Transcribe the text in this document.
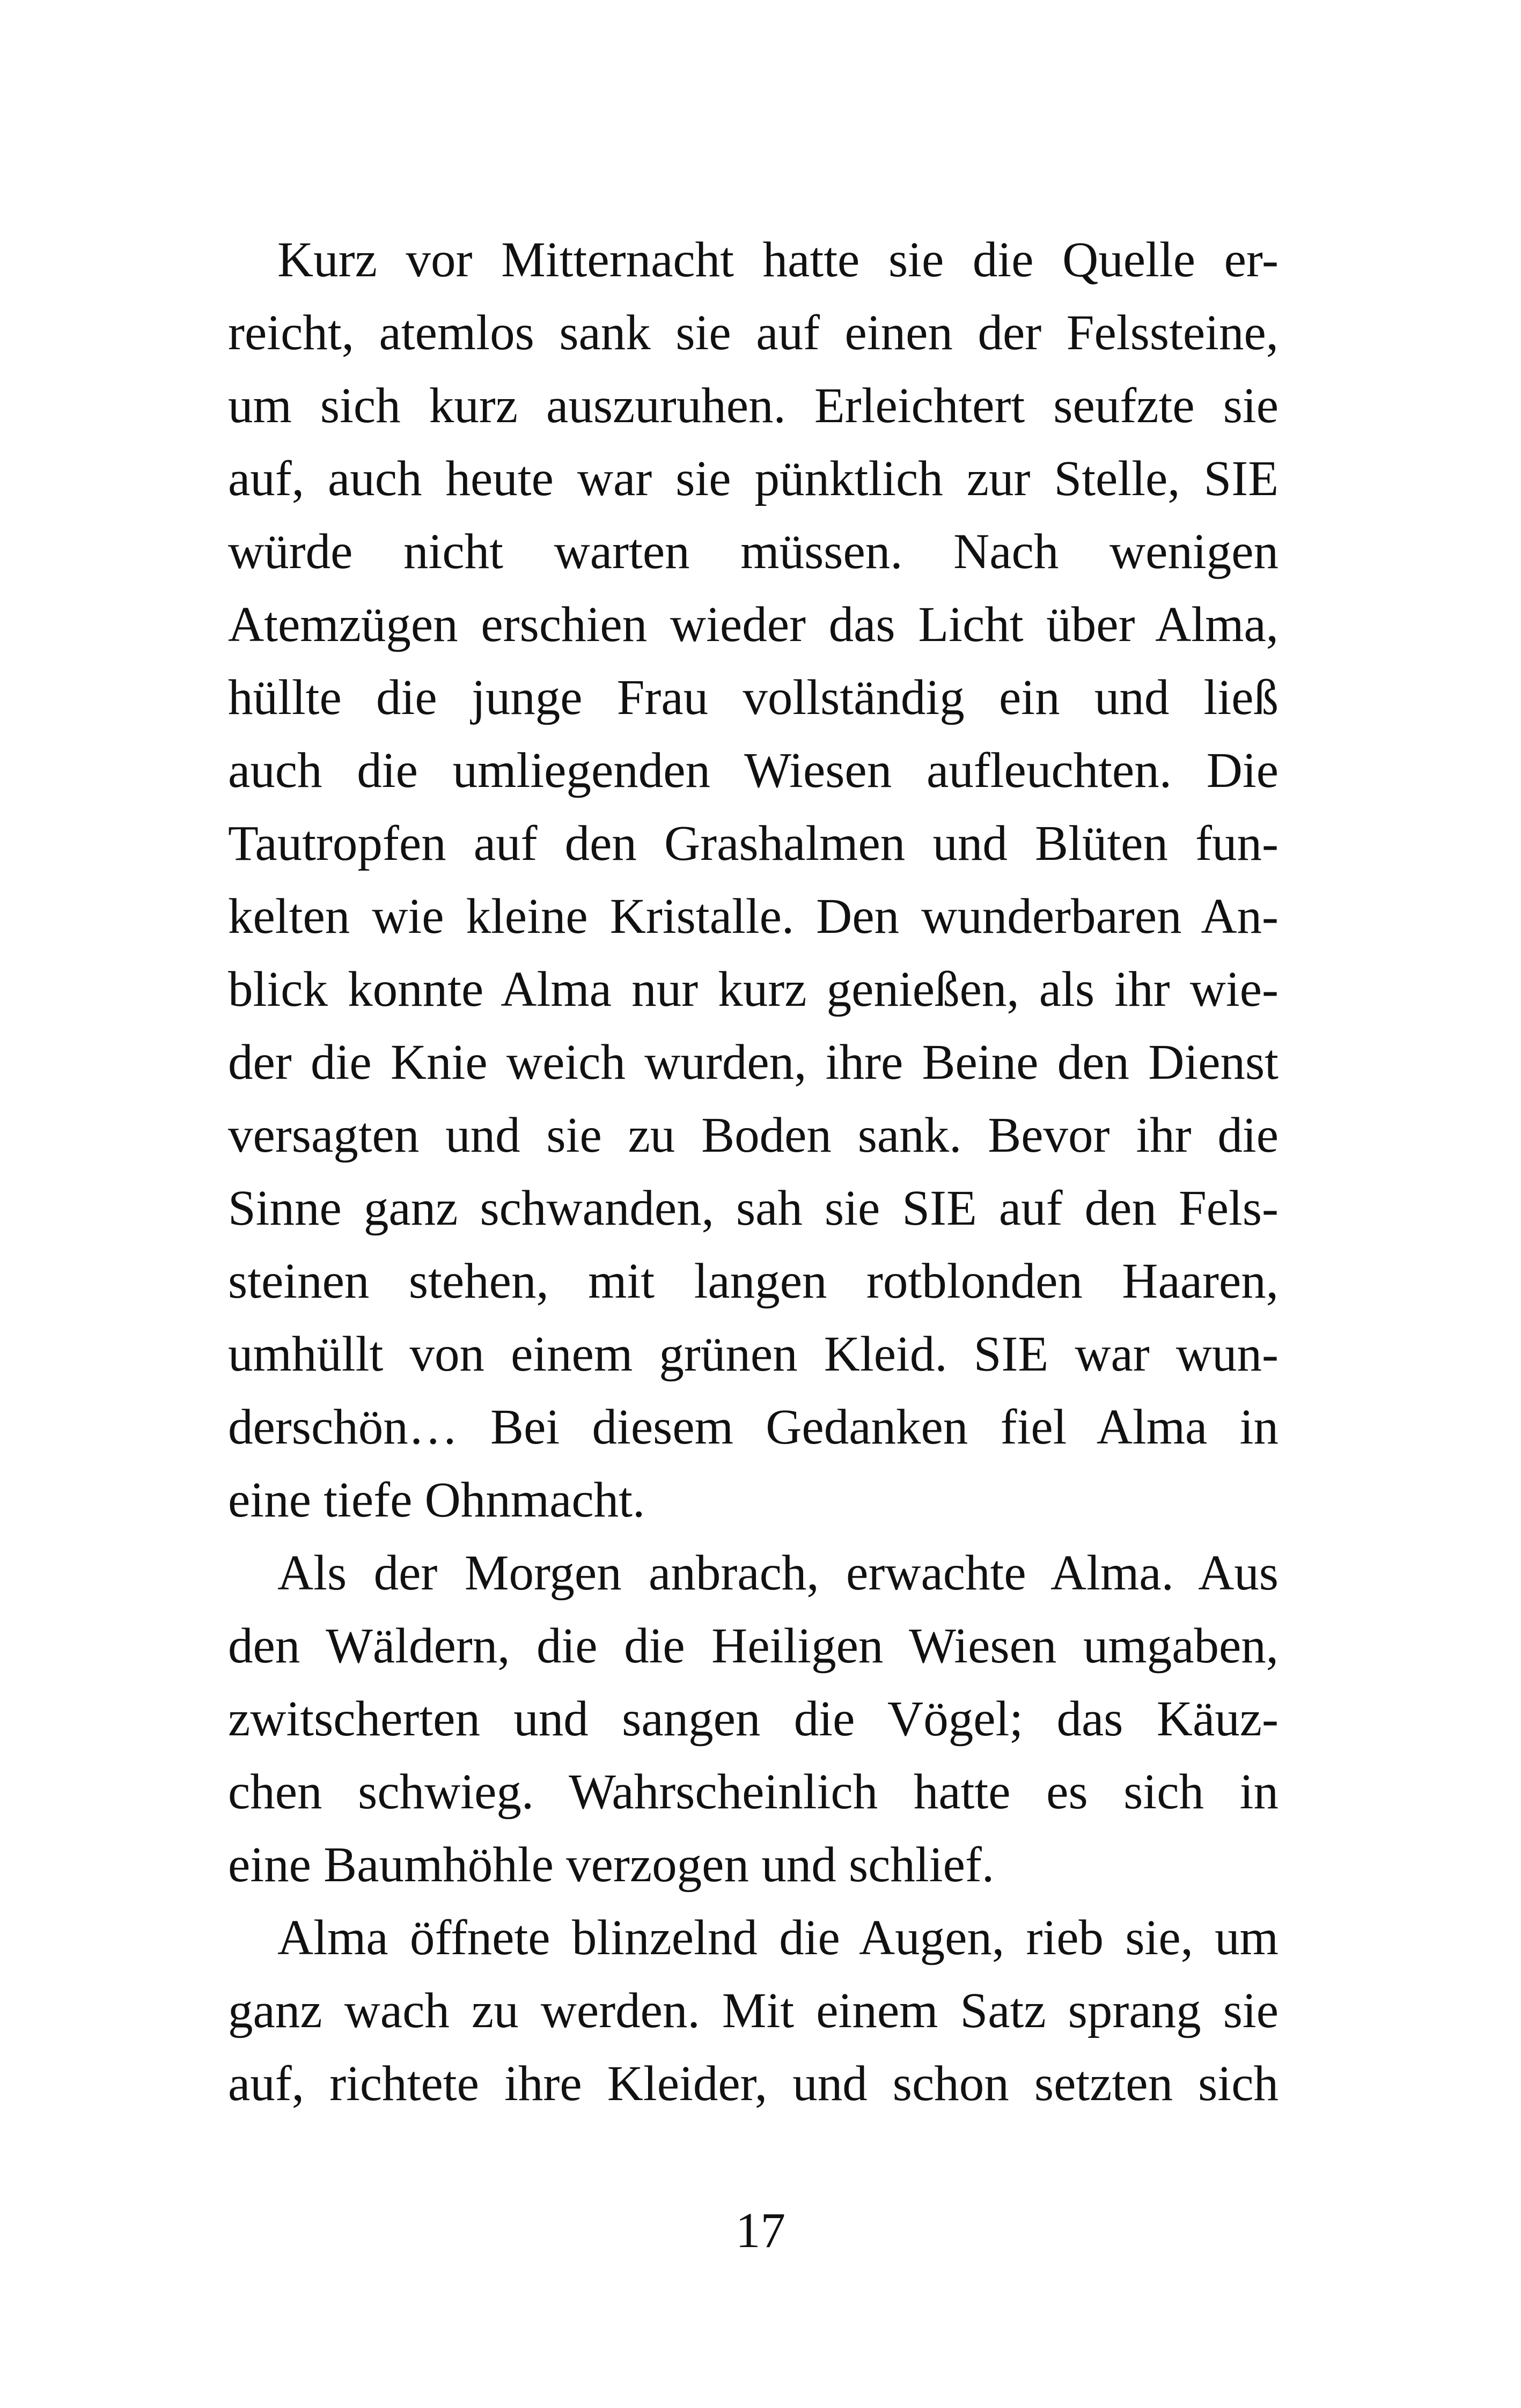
Kurz vor Mitternacht hatte sie die Quelle er-
reicht, atemlos sank sie auf einen der Felssteine,
um sich kurz auszuruhen. Erleichtert seufzte sie
auf, auch heute war sie pünktlich zur Stelle, SIE
würde nicht warten müssen. Nach wenigen
Atemzügen erschien wieder das Licht über Alma,
hüllte die junge Frau vollständig ein und ließ
auch die umliegenden Wiesen aufleuchten. Die
Tautropfen auf den Grashalmen und Blüten fun-
kelten wie kleine Kristalle. Den wunderbaren An-
blick konnte Alma nur kurz genießen, als ihr wie-
der die Knie weich wurden, ihre Beine den Dienst
versagten und sie zu Boden sank. Bevor ihr die
Sinne ganz schwanden, sah sie SIE auf den Fels-
steinen stehen, mit langen rotblonden Haaren,
umhüllt von einem grünen Kleid. SIE war wun-
derschön… Bei diesem Gedanken fiel Alma in
eine tiefe Ohnmacht.
Als der Morgen anbrach, erwachte Alma. Aus
den Wäldern, die die Heiligen Wiesen umgaben,
zwitscherten und sangen die Vögel; das Käuz-
chen schwieg. Wahrscheinlich hatte es sich in
eine Baumhöhle verzogen und schlief.
Alma öffnete blinzelnd die Augen, rieb sie, um
ganz wach zu werden. Mit einem Satz sprang sie
auf, richtete ihre Kleider, und schon setzten sich
17
